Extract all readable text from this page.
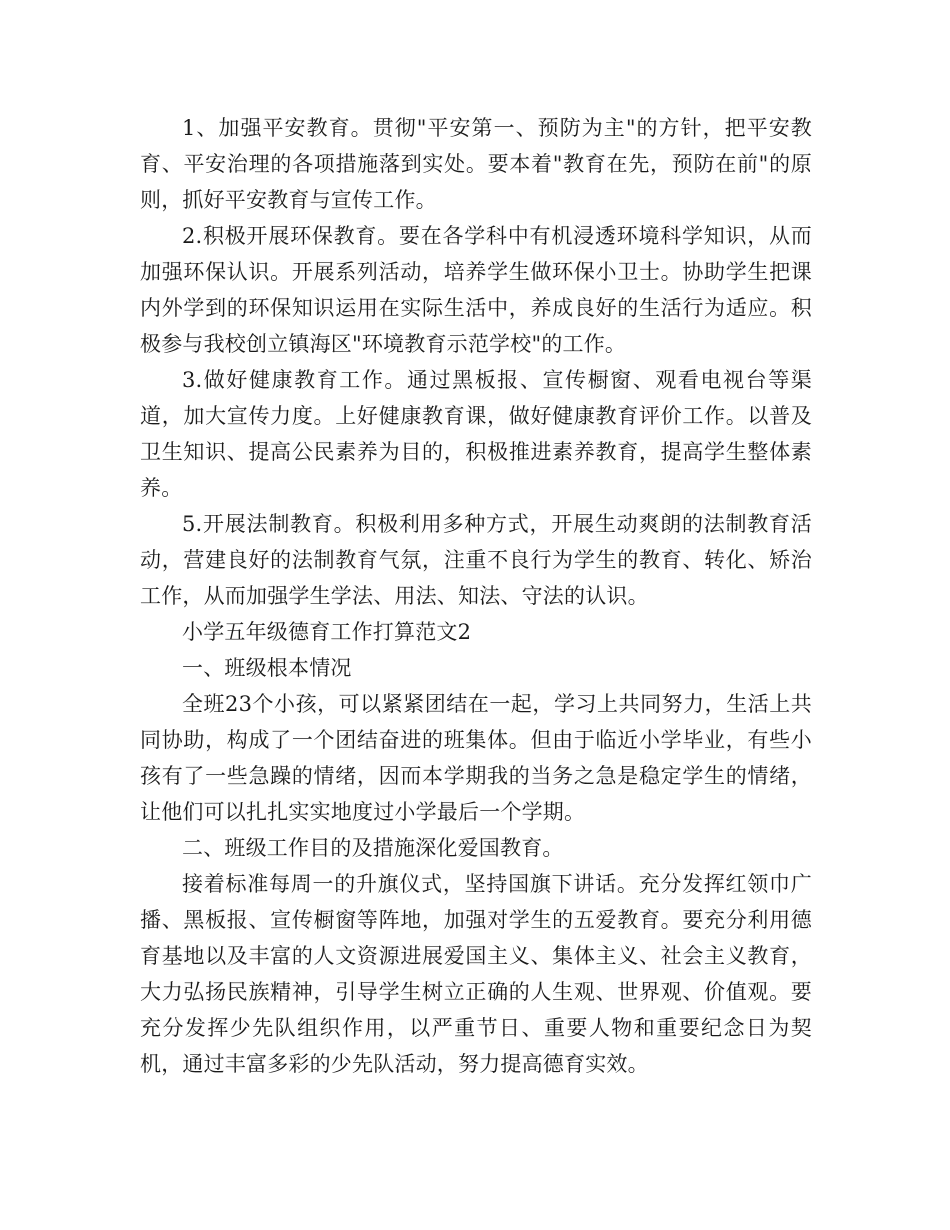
1、加强平安教育。贯彻"平安第一、预防为主"的方针，把平安教育、平安治理的各项措施落到实处。要本着"教育在先，预防在前"的原则，抓好平安教育与宣传工作。

2.积极开展环保教育。要在各学科中有机浸透环境科学知识，从而加强环保认识。开展系列活动，培养学生做环保小卫士。协助学生把课内外学到的环保知识运用在实际生活中，养成良好的生活行为适应。积极参与我校创立镇海区"环境教育示范学校"的工作。

3.做好健康教育工作。通过黑板报、宣传橱窗、观看电视台等渠道，加大宣传力度。上好健康教育课，做好健康教育评价工作。以普及卫生知识、提高公民素养为目的，积极推进素养教育，提高学生整体素养。

5.开展法制教育。积极利用多种方式，开展生动爽朗的法制教育活动，营建良好的法制教育气氛，注重不良行为学生的教育、转化、矫治工作，从而加强学生学法、用法、知法、守法的认识。

小学五年级德育工作打算范文2

一、班级根本情况

全班23个小孩，可以紧紧团结在一起，学习上共同努力，生活上共同协助，构成了一个团结奋进的班集体。但由于临近小学毕业，有些小孩有了一些急躁的情绪，因而本学期我的当务之急是稳定学生的情绪，让他们可以扎扎实实地度过小学最后一个学期。

二、班级工作目的及措施深化爱国教育。

接着标准每周一的升旗仪式，坚持国旗下讲话。充分发挥红领巾广播、黑板报、宣传橱窗等阵地，加强对学生的五爱教育。要充分利用德育基地以及丰富的人文资源进展爱国主义、集体主义、社会主义教育，大力弘扬民族精神，引导学生树立正确的人生观、世界观、价值观。要充分发挥少先队组织作用，以严重节日、重要人物和重要纪念日为契机，通过丰富多彩的少先队活动，努力提高德育实效。
